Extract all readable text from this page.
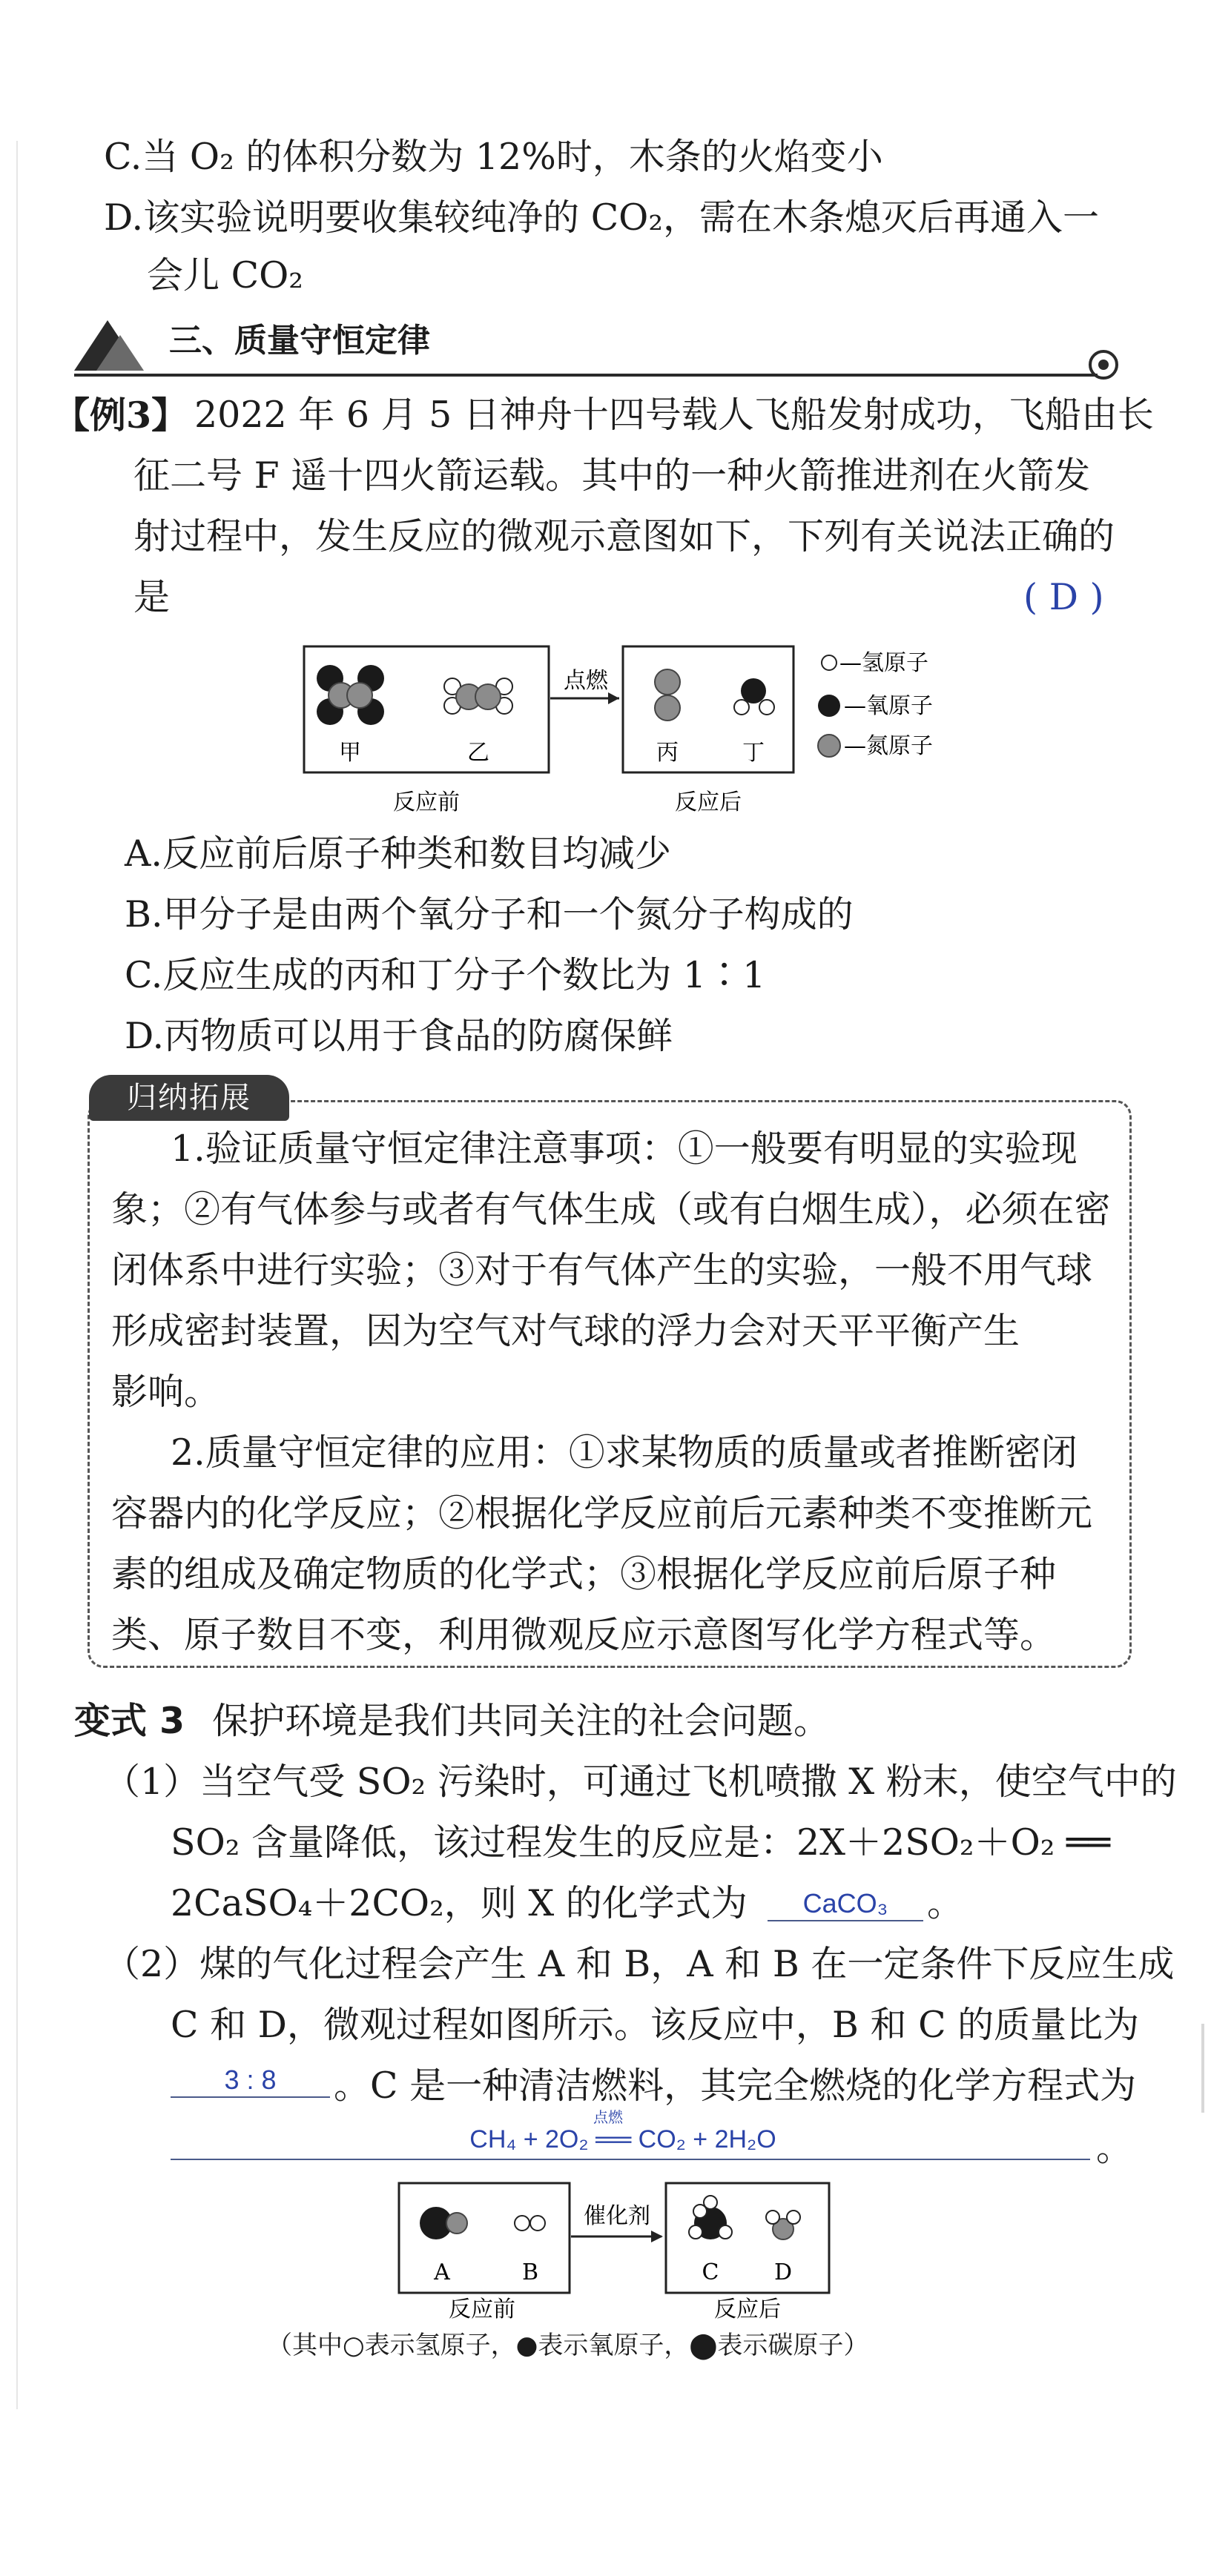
C.当 O₂ 的体积分数为 12%时，木条的火焰变小
D.该实验说明要收集较纯净的 CO₂，需在木条熄灭后再通入一
会儿 CO₂
三、质量守恒定律
【例3】 2022 年 6 月 5 日神舟十四号载人飞船发射成功，飞船由长
征二号 F 遥十四火箭运载。其中的一种火箭推进剂在火箭发
射过程中，发生反应的微观示意图如下，下列有关说法正确的
是	( D )
点燃
甲	乙	丙	丁
反应前	反应后
—氢原子
—氧原子
—氮原子
A.反应前后原子种类和数目均减少
B.甲分子是由两个氧分子和一个氮分子构成的
C.反应生成的丙和丁分子个数比为 1∶1
D.丙物质可以用于食品的防腐保鲜
归纳拓展
1.验证质量守恒定律注意事项：①一般要有明显的实验现
象；②有气体参与或者有气体生成（或有白烟生成），必须在密
闭体系中进行实验；③对于有气体产生的实验，一般不用气球
形成密封装置，因为空气对气球的浮力会对天平平衡产生
影响。
2.质量守恒定律的应用：①求某物质的质量或者推断密闭
容器内的化学反应；②根据化学反应前后元素种类不变推断元
素的组成及确定物质的化学式；③根据化学反应前后原子种
类、原子数目不变，利用微观反应示意图写化学方程式等。
变式 3 保护环境是我们共同关注的社会问题。
（1）当空气受 SO₂ 污染时，可通过飞机喷撒 X 粉末，使空气中的
SO₂ 含量降低，该过程发生的反应是：2X＋2SO₂＋O₂ ══
2CaSO₄＋2CO₂，则 X 的化学式为	CaCO₃	。
（2）煤的气化过程会产生 A 和 B，A 和 B 在一定条件下反应生成
C 和 D，微观过程如图所示。该反应中，B 和 C 的质量比为
3 : 8	。C 是一种清洁燃料，其完全燃烧的化学方程式为
CH₄ + 2O₂ ══ CO₂ + 2H₂O
点燃
。
催化剂
A	B	C D
反应前	反应后
（其中○表示氢原子，●表示氧原子，⬤表示碳原子）
